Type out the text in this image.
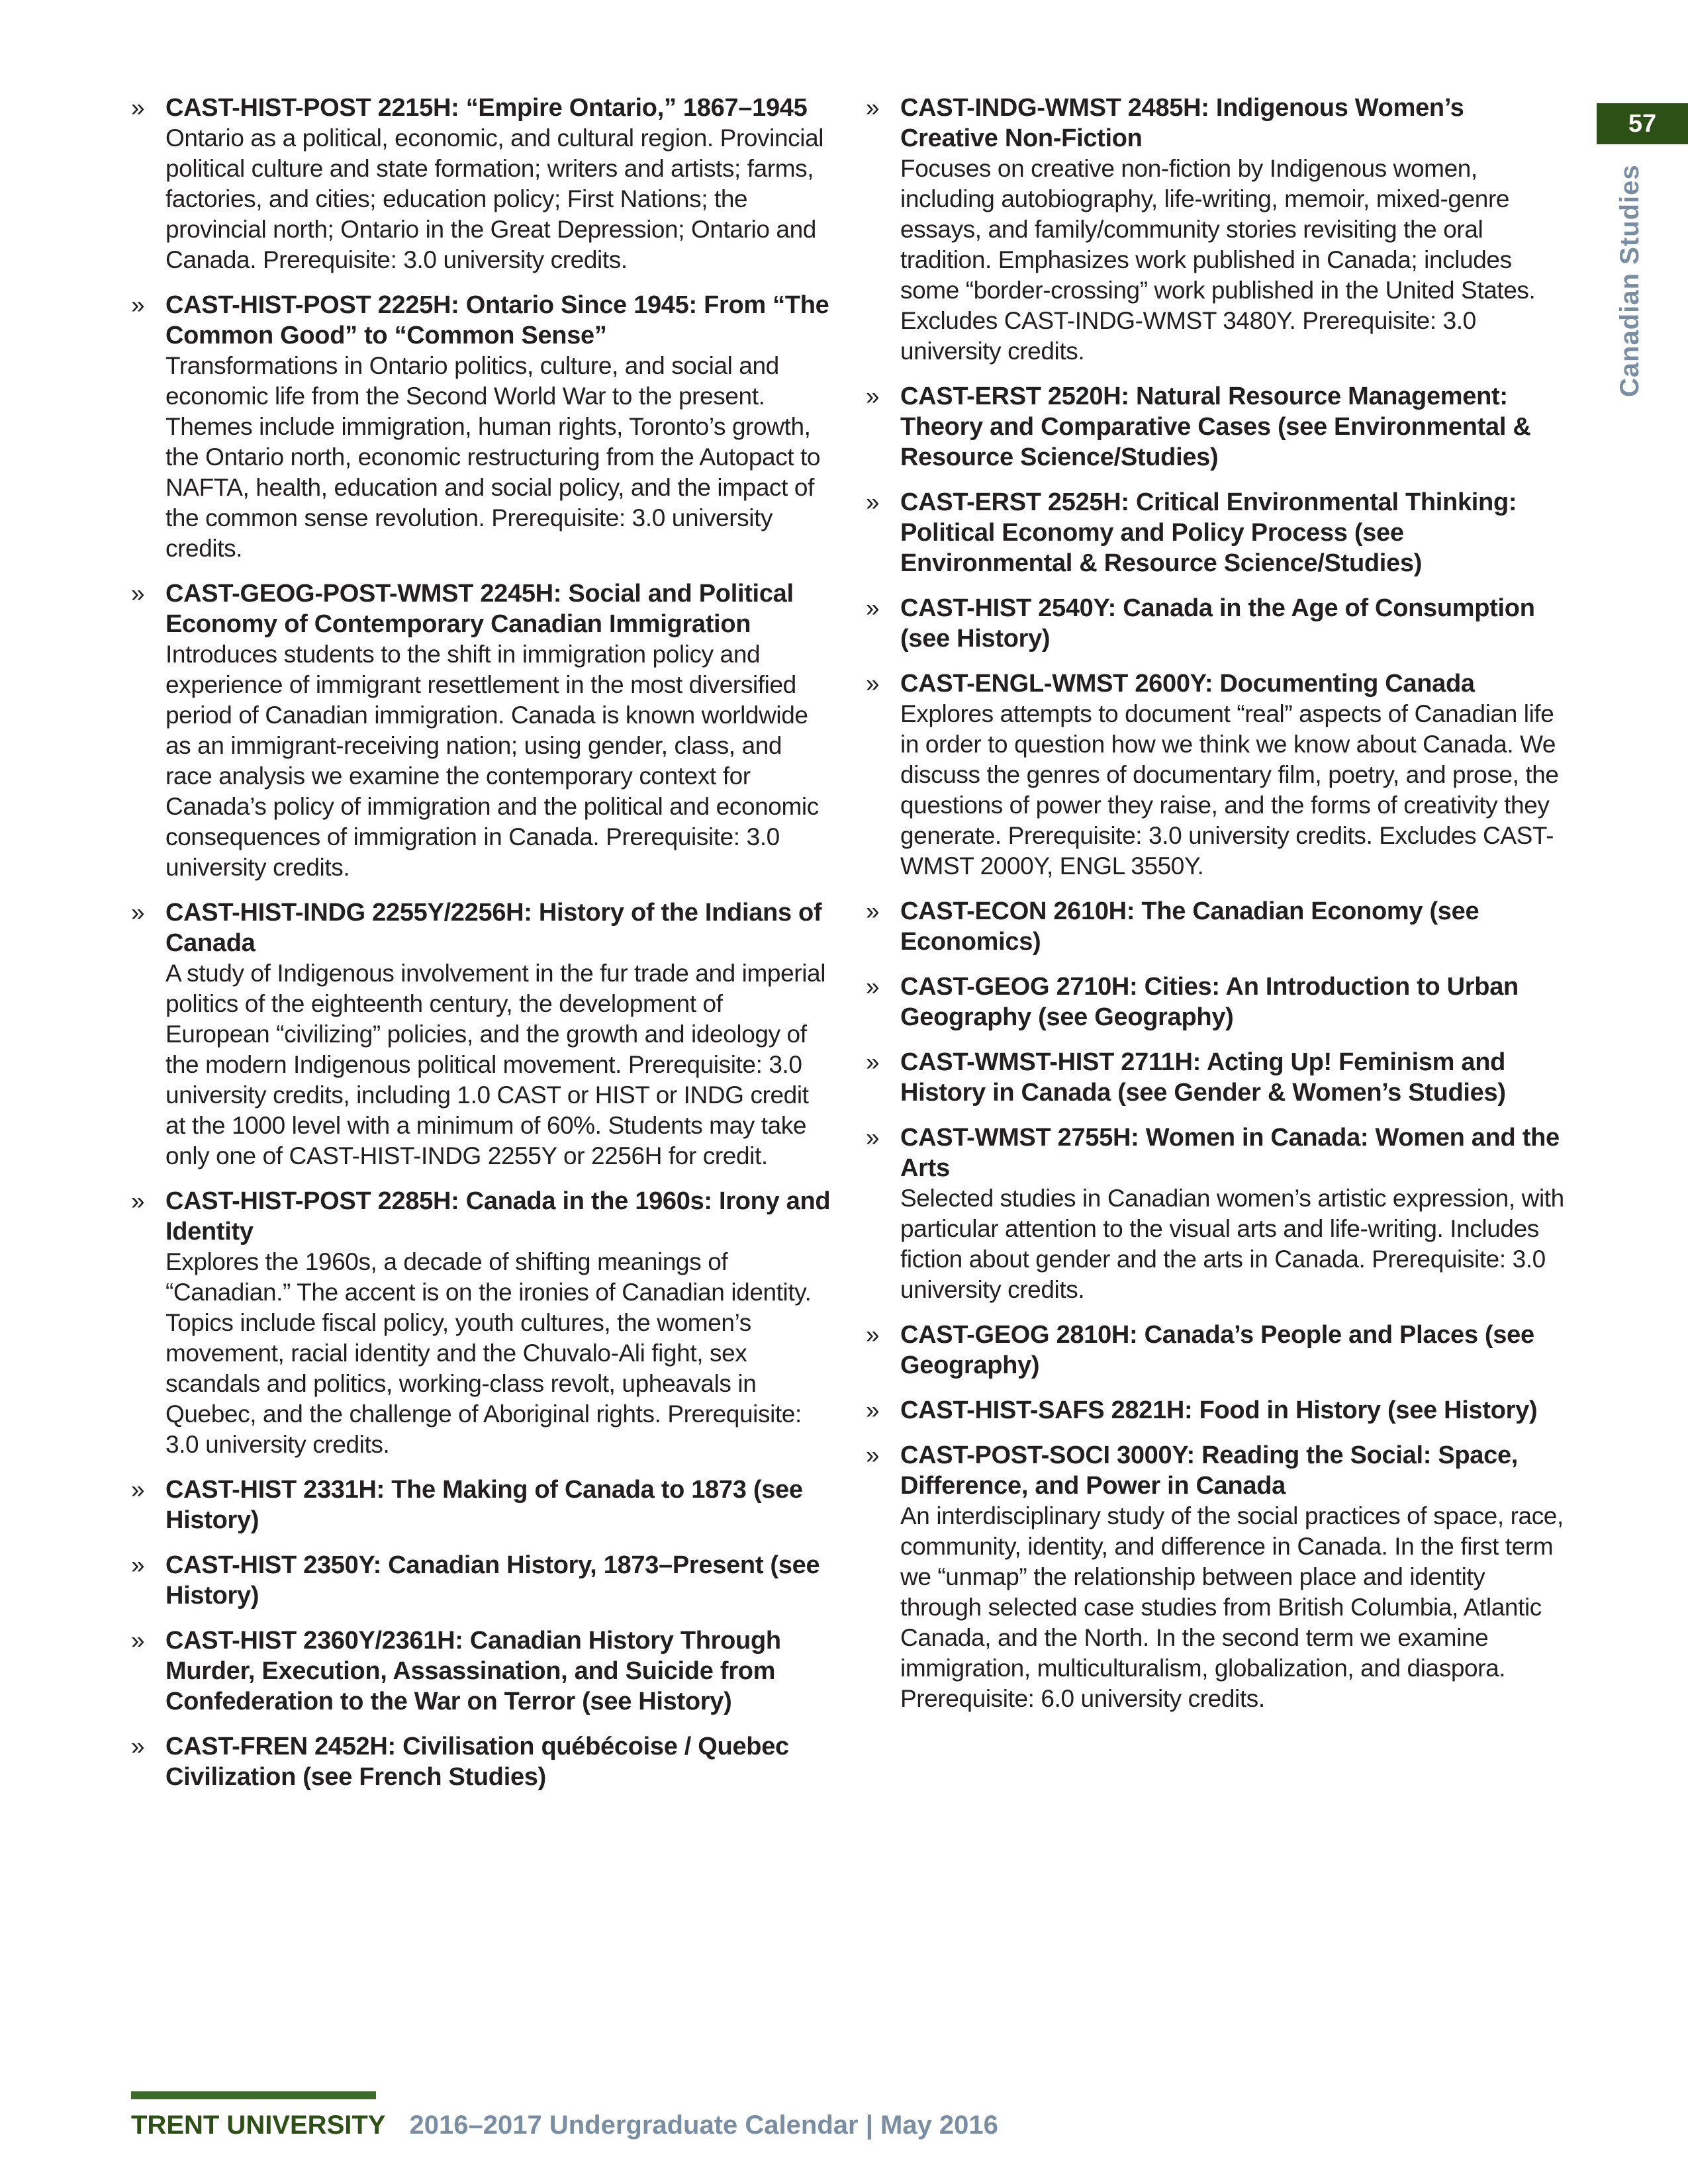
» CAST-HIST-POST 2215H: “Empire Ontario,” 1867–1945
Ontario as a political, economic, and cultural region. Provincial political culture and state formation; writers and artists; farms, factories, and cities; education policy; First Nations; the provincial north; Ontario in the Great Depression; Ontario and Canada. Prerequisite: 3.0 university credits.
» CAST-HIST-POST 2225H: Ontario Since 1945: From “The Common Good” to “Common Sense”
Transformations in Ontario politics, culture, and social and economic life from the Second World War to the present. Themes include immigration, human rights, Toronto’s growth, the Ontario north, economic restructuring from the Autopact to NAFTA, health, education and social policy, and the impact of the common sense revolution. Prerequisite: 3.0 university credits.
» CAST-GEOG-POST-WMST 2245H: Social and Political Economy of Contemporary Canadian Immigration
Introduces students to the shift in immigration policy and experience of immigrant resettlement in the most diversified period of Canadian immigration. Canada is known worldwide as an immigrant-receiving nation; using gender, class, and race analysis we examine the contemporary context for Canada’s policy of immigration and the political and economic consequences of immigration in Canada. Prerequisite: 3.0 university credits.
» CAST-HIST-INDG 2255Y/2256H: History of the Indians of Canada
A study of Indigenous involvement in the fur trade and imperial politics of the eighteenth century, the development of European “civilizing” policies, and the growth and ideology of the modern Indigenous political movement. Prerequisite: 3.0 university credits, including 1.0 CAST or HIST or INDG credit at the 1000 level with a minimum of 60%. Students may take only one of CAST-HIST-INDG 2255Y or 2256H for credit.
» CAST-HIST-POST 2285H: Canada in the 1960s: Irony and Identity
Explores the 1960s, a decade of shifting meanings of “Canadian.” The accent is on the ironies of Canadian identity. Topics include fiscal policy, youth cultures, the women’s movement, racial identity and the Chuvalo-Ali fight, sex scandals and politics, working-class revolt, upheavals in Quebec, and the challenge of Aboriginal rights. Prerequisite: 3.0 university credits.
» CAST-HIST 2331H: The Making of Canada to 1873 (see History)
» CAST-HIST 2350Y: Canadian History, 1873–Present (see History)
» CAST-HIST 2360Y/2361H: Canadian History Through Murder, Execution, Assassination, and Suicide from Confederation to the War on Terror (see History)
» CAST-FREN 2452H: Civilisation québécoise / Quebec Civilization (see French Studies)
» CAST-INDG-WMST 2485H: Indigenous Women’s Creative Non-Fiction
Focuses on creative non-fiction by Indigenous women, including autobiography, life-writing, memoir, mixed-genre essays, and family/community stories revisiting the oral tradition. Emphasizes work published in Canada; includes some “border-crossing” work published in the United States. Excludes CAST-INDG-WMST 3480Y. Prerequisite: 3.0 university credits.
» CAST-ERST 2520H: Natural Resource Management: Theory and Comparative Cases (see Environmental & Resource Science/Studies)
» CAST-ERST 2525H: Critical Environmental Thinking: Political Economy and Policy Process (see Environmental & Resource Science/Studies)
» CAST-HIST 2540Y: Canada in the Age of Consumption (see History)
» CAST-ENGL-WMST 2600Y: Documenting Canada
Explores attempts to document “real” aspects of Canadian life in order to question how we think we know about Canada. We discuss the genres of documentary film, poetry, and prose, the questions of power they raise, and the forms of creativity they generate. Prerequisite: 3.0 university credits. Excludes CAST-WMST 2000Y, ENGL 3550Y.
» CAST-ECON 2610H: The Canadian Economy (see Economics)
» CAST-GEOG 2710H: Cities: An Introduction to Urban Geography (see Geography)
» CAST-WMST-HIST 2711H: Acting Up! Feminism and History in Canada (see Gender & Women’s Studies)
» CAST-WMST 2755H: Women in Canada: Women and the Arts
Selected studies in Canadian women’s artistic expression, with particular attention to the visual arts and life-writing. Includes fiction about gender and the arts in Canada. Prerequisite: 3.0 university credits.
» CAST-GEOG 2810H: Canada’s People and Places (see Geography)
» CAST-HIST-SAFS 2821H: Food in History (see History)
» CAST-POST-SOCI 3000Y: Reading the Social: Space, Difference, and Power in Canada
An interdisciplinary study of the social practices of space, race, community, identity, and difference in Canada. In the first term we “unmap” the relationship between place and identity through selected case studies from British Columbia, Atlantic Canada, and the North. In the second term we examine immigration, multiculturalism, globalization, and diaspora. Prerequisite: 6.0 university credits.
57
Canadian Studies
TRENT UNIVERSITY 2016–2017 Undergraduate Calendar | May 2016
